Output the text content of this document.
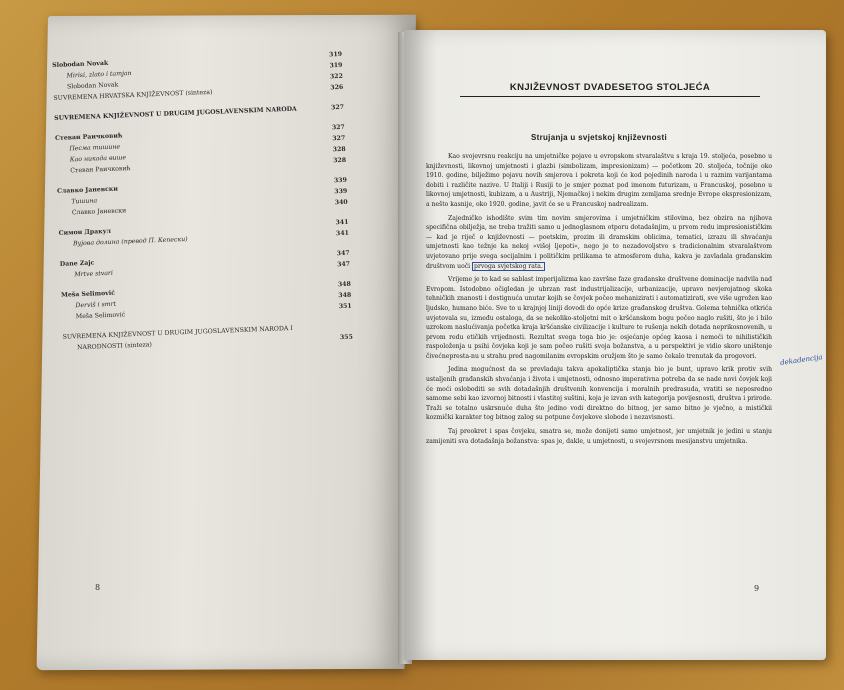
Slobodan Novak
319
Mirisi, zlato i tamjan
319
Slobodan Novak
322
SUVREMENA HRVATSKA KNJIŽEVNOST (sinteza)
326
SUVREMENA KNJIŽEVNOST U DRUGIM JUGOSLAVENSKIM NARODA	327
Стеван Раичковић
327
Песма тишине
327
Као никада више
328
Стеван Раичковић
328
Славко Јаневски
339
Тишина
339
Славко Јаневски
340
Симон Дракул
341
Вујова долина (превод П. Кепески)
341
Dane Zajc
347
Mrtve stvari
347
Meša Selimović
348
Derviš i smrt
348
Meša Selimović
351
SUVREMENA KNJIŽEVNOST U DRUGIM JUGOSLAVENSKIM NARODA I
NARODNOSTI (sinteza)
355
8
KNJIŽEVNOST DVADESETOG STOLJEĆA
Strujanja u svjetskoj književnosti

Kao svojevrsnu reakciju na umjetničke pojave u evropskom stvaralaštvu s kraja 19. stoljeća, posebno u književnosti, likovnoj umjetnosti i glazbi (simbolizam, impresionizam) — početkom 20. stoljeća, točnije oko 1910. godine, bilježimo pojavu novih smjerova i pokreta koji će kod pojedinih naroda i u raznim varijantama dobiti i različite nazive. U Italiji i Rusiji to je smjer poznat pod imenom futurizam, u Francuskoj, posebno u likovnoj umjetnosti, kubizam, a u Austriji, Njemačkoj i nekim drugim zemljama srednje Evrope ekspresionizam, a nešto kasnije, oko 1920. godine, javit će se u Francuskoj nadrealizam.

Zajedničko ishodište svim tim novim smjerovima i umjetničkim stilovima, bez obzira na njihova specifična obilježja, ne treba tražiti samo u jednoglasnom otporu dotadašnjim, u prvom redu impresionističkim — kad je riječ o književnosti — poetskim, prozim ili dramskim oblicima, tematici, izrazu ili shvaćanju umjetnosti kao težnje ka nekoj »višoj ljepoti«, nego je to nezadovoljstvo s tradicionalnim stvaralaštvom uvjetovano prije svega socijalnim i političkim prilikama te atmosferom duha, kakva je zavladala građanskim društvom uoči prvoga svjetskog rata.

Vrijeme je to kad se sablast imperijalizma kao završne faze građanske društvene dominacije nadvila nad Evropom. Istodobno očigledan je ubrzan rast industrijalizacije, urbanizacije, upravo nevjerojatnog skoka tehničkih znanosti i dostignuća unutar kojih se čovjek počeo mehanizirati i automatizirati, sve više ugrožen kao ljudsko, humano biće. Sve to u krajnjoj liniji dovodi do opće krize građanskog društva. Golema tehnička otkrića uvjetovala su, između ostaloga, da se nekoliko-stoljetni mit o kršćanskom bogu počeo naglo rušiti, što je i bilo uzrokom naslućivanja početka kraja kršćanske civilizacije i kulture te rušenja nekih dotada neprikosnovenih, u prvom redu etičkih vrijednosti. Rezultat svega toga bio je: osjećanje općeg kaosa i nemoći te nihilističkih raspoloženja u psihi čovjeka koji je sam počeo rušiti svoja božanstva, a u perspektivi je vidio skoro uništenje čivećnepresta-nu u strahu pred nagomilanim evropskim oružjem što je samo čekalo trenutak da progovori.

Jedina mogućnost da se prevladaju takva apokaliptička stanja bio je bunt, upravo krik protiv svih ustaljenih građanskih shvaćanja i života i umjetnosti, odnosno imperativna potreba da se nade novi čovjek koji će moći osloboditi se svih dotadašnjih društvenih konvencija i moralnih predrasuda, vratiti se neposredno samome sebi kao izvornoj bitnosti i vlastitoj suštini, koja je izvan svih kategorija povijesnosti, društva i prirode. Traži se totalno uskrsnuće duha što jedino vodi direktno do bitnog, jer samo bitno je vječno, a mističkii kozmički karakter tog bitnog zalog su potpune čovjekove slobode i nezavisnosti.

Taj preokret i spas čovjeku, smatra se, može donijeti samo umjetnost, jer umjetnik je jedini u stanju zamijeniti sva dotadašnja božanstva: spas je, dakle, u umjetnosti, u svojevrsnom mesijanstvu umjetnika.

dekadencija
9
